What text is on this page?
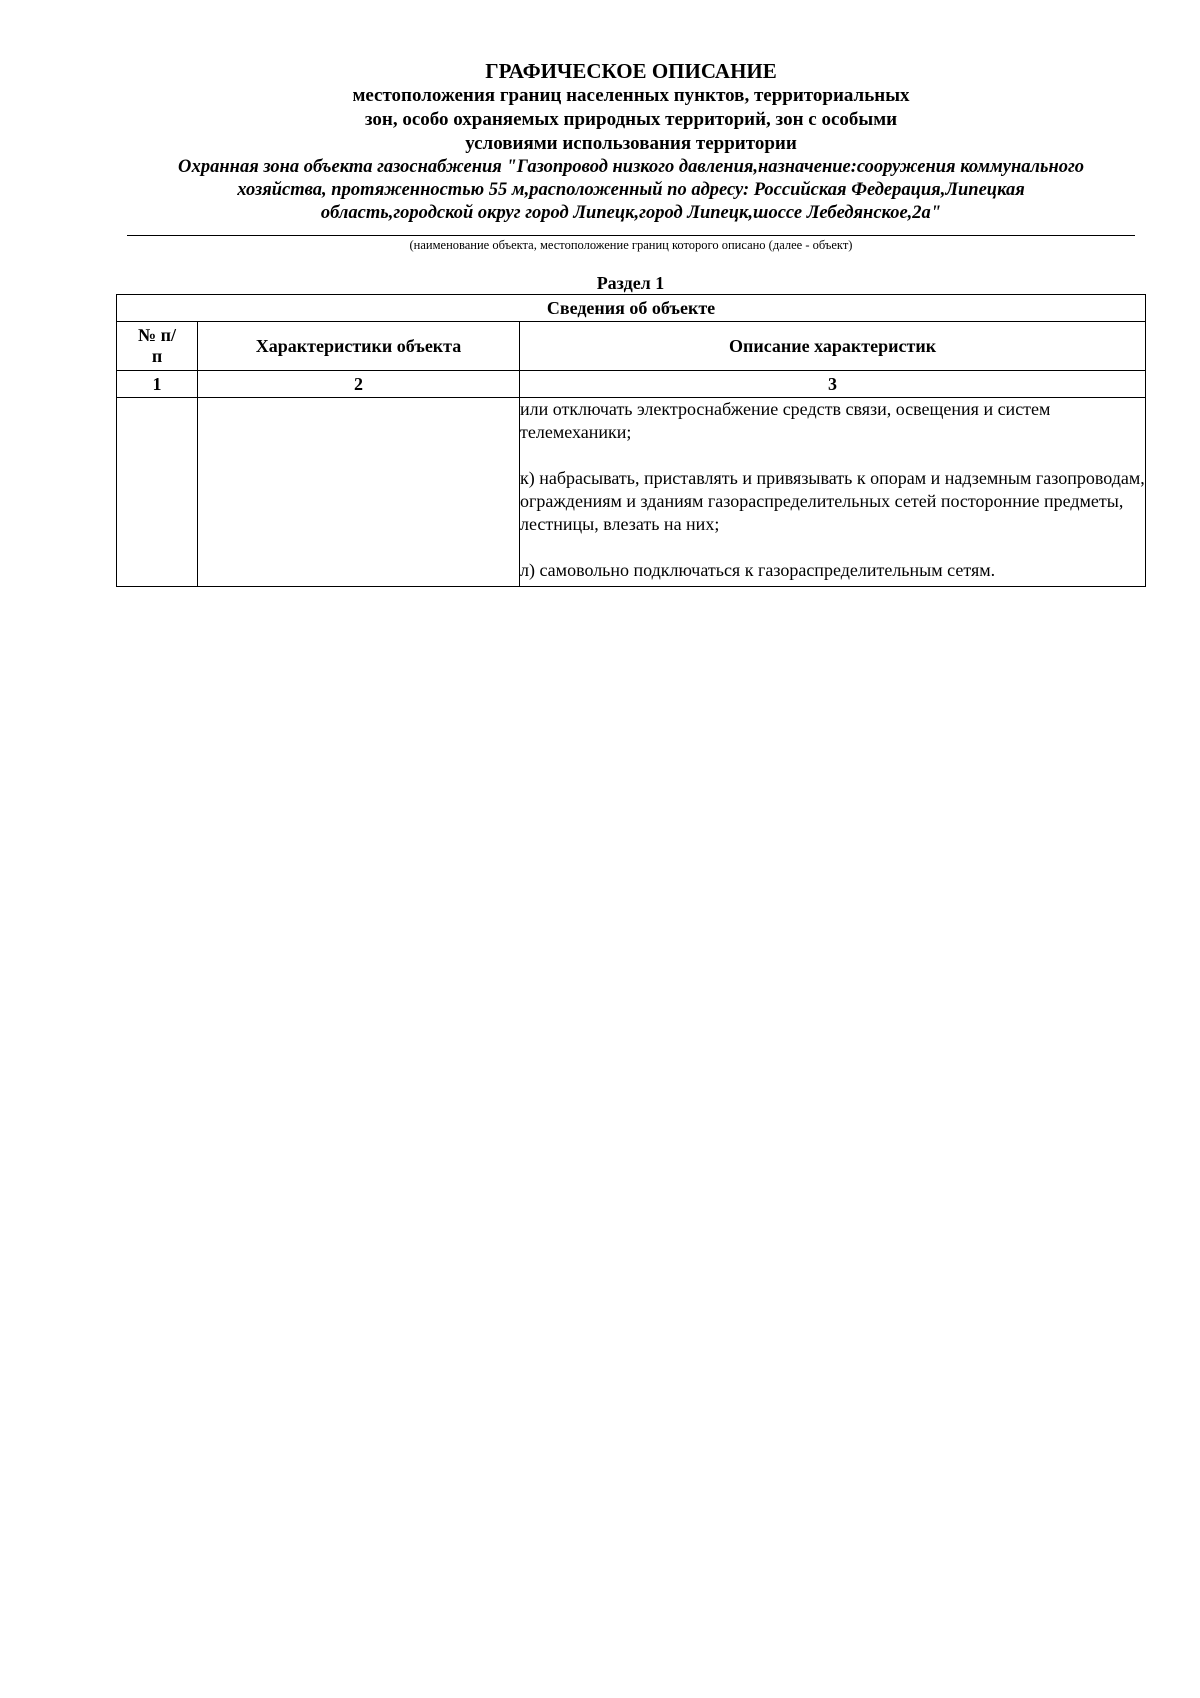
ГРАФИЧЕСКОЕ ОПИСАНИЕ
местоположения границ населенных пунктов, территориальных
зон, особо охраняемых природных территорий, зон с особыми
условиями использования территории
Охранная зона объекта газоснабжения "Газопровод низкого давления,назначение:сооружения коммунального
хозяйства, протяженностью 55 м,расположенный по адресу: Российская Федерация,Липецкая
область,городской округ город Липецк,город Липецк,шоссе Лебедянское,2а"
(наименование объекта, местоположение границ которого описано (далее - объект)
Раздел 1
Сведения об объекте		
№ п/п	Характеристики объекта	Описание характеристик
1	2	3

		или отключать электроснабжение средств связи, освещения и систем телемеханики;

к) набрасывать, приставлять и привязывать к опорам и надземным газопроводам, ограждениям и зданиям газораспределительных сетей посторонние предметы, лестницы, влезать на них;

л) самовольно подключаться к газораспределительным сетям.
